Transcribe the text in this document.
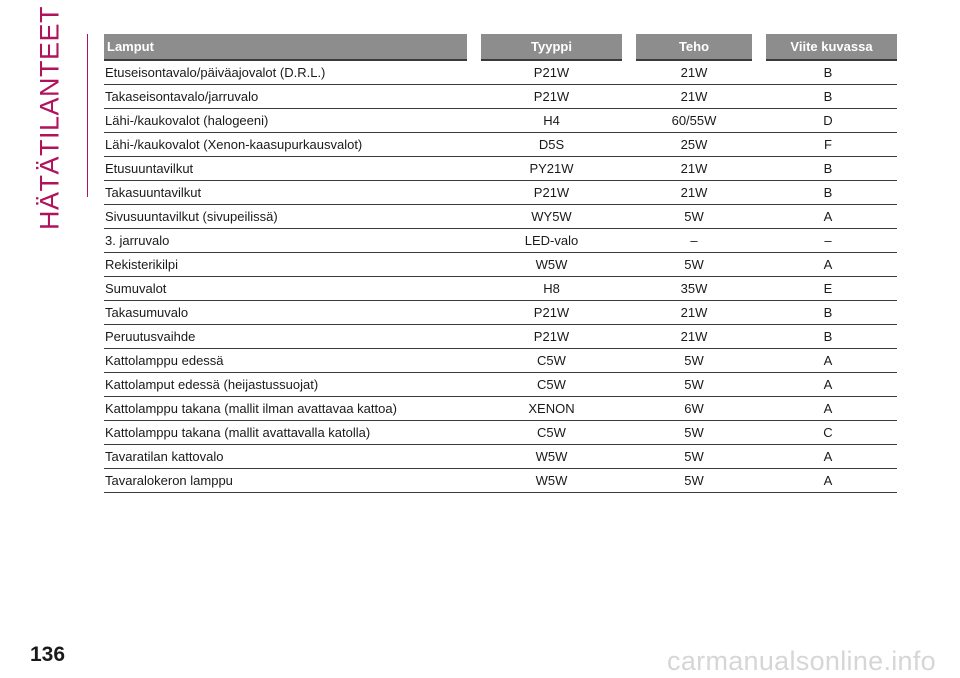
HÄTÄTILANTEET	Lamput	Tyyppi	Teho	Viite kuvassa
Etuseisontavalo/päiväajovalot (D.R.L.)	P21W	21W	B
Takaseisontavalo/jarruvalo	P21W	21W	B
Lähi-/kaukovalot (halogeeni)	H4	60/55W	D
Lähi-/kaukovalot (Xenon-kaasupurkausvalot)	D5S	25W	F
Etusuuntavilkut	PY21W	21W	B
Takasuuntavilkut	P21W	21W	B
Sivusuuntavilkut (sivupeilissä)	WY5W	5W	A
3. jarruvalo	LED-valo	–	–
Rekisterikilpi	W5W	5W	A
Sumuvalot	H8	35W	E
Takasumuvalo	P21W	21W	B
Peruutusvaihde	P21W	21W	B
Kattolamppu edessä	C5W	5W	A
Kattolamput edessä (heijastussuojat)	C5W	5W	A
Kattolamppu takana (mallit ilman avattavaa kattoa)	XENON	6W	A
Kattolamppu takana (mallit avattavalla katolla)	C5W	5W	C
Tavaratilan kattovalo	W5W	5W	A
Tavaralokeron lamppu	W5W	5W	A
136	carmanualsonline.info
